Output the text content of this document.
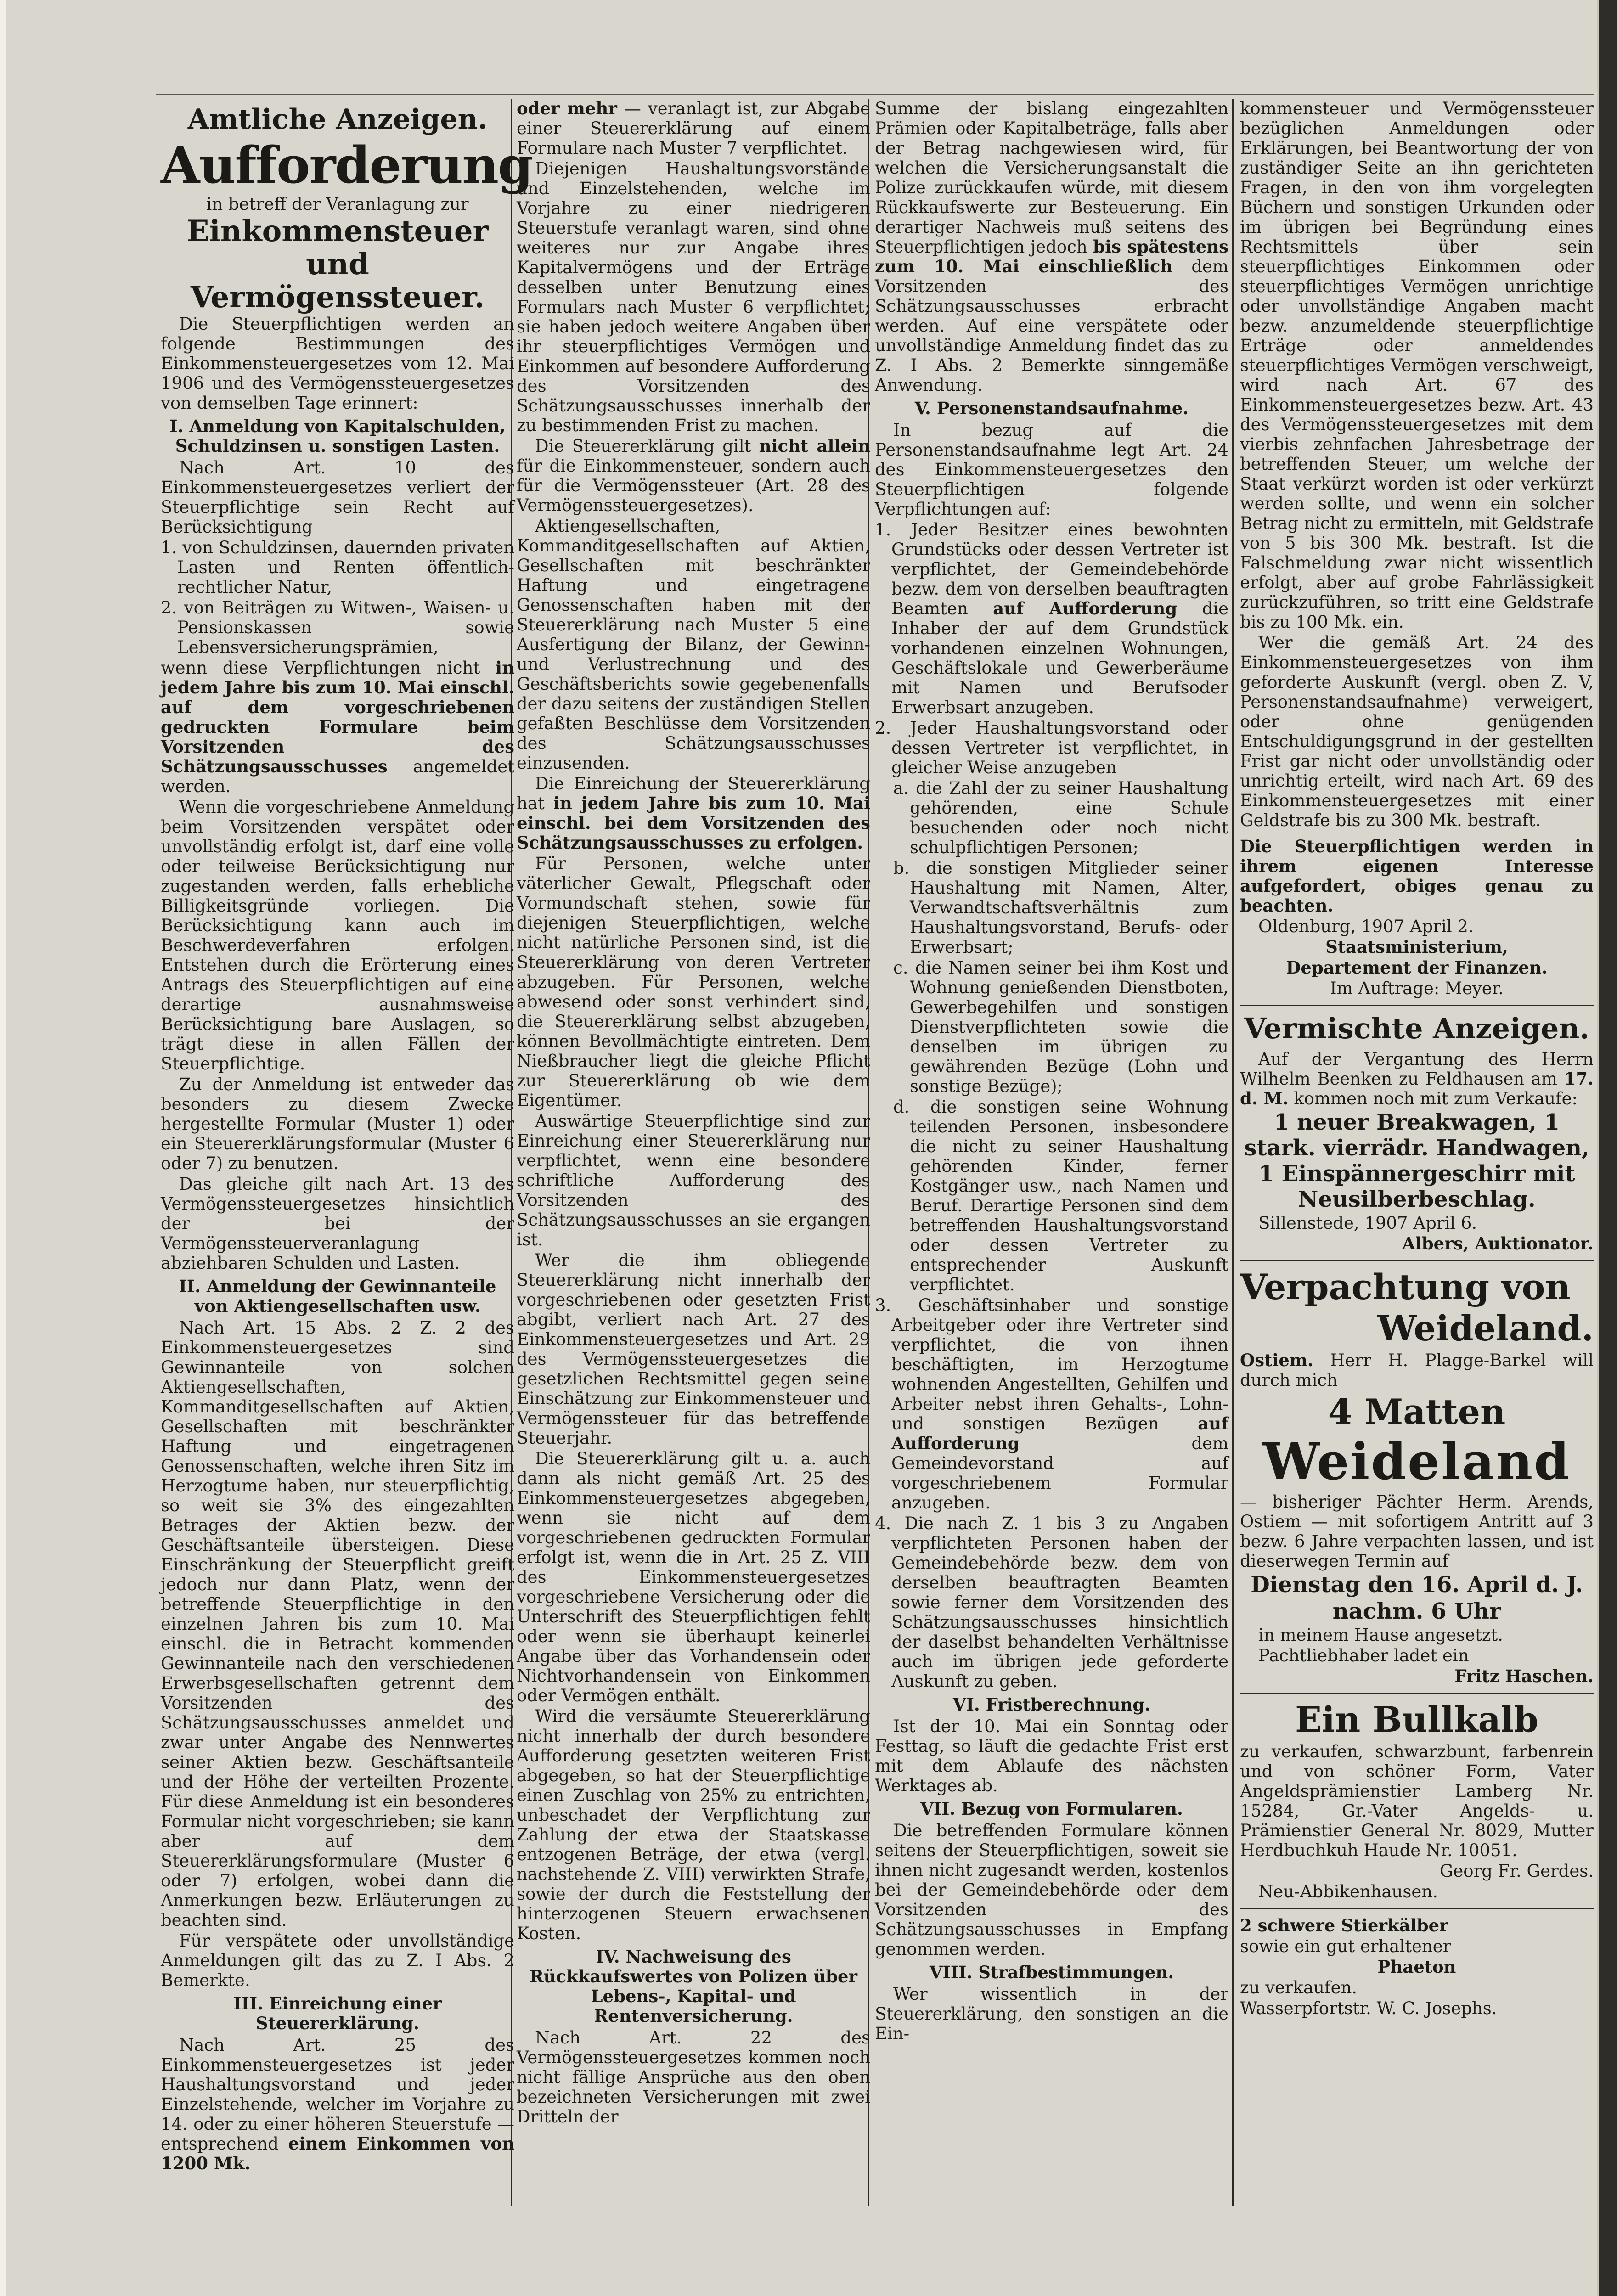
Amtliche Anzeigen.
Aufforderung

in betreff der Veranlagung zur

Einkommensteuer und
Vermögenssteuer.

Die Steuerpflichtigen werden an folgende Bestimmungen des Einkommensteuergesetzes vom 12. Mai 1906 und des Vermögenssteuergesetzes von demselben Tage erinnert:

I. Anmeldung von Kapitalschulden, Schuldzinsen u. sonstigen Lasten.

Nach Art. 10 des Einkommensteuergesetzes verliert der Steuerpflichtige sein Recht auf Berücksichtigung

1. von Schuldzinsen, dauernden privaten Lasten und Renten öffentlich-rechtlicher Natur,

2. von Beiträgen zu Witwen-, Waisen- u. Pensionskassen sowie Lebensversicherungsprämien,

wenn diese Verpflichtungen nicht in jedem Jahre bis zum 10. Mai einschl. auf dem vorgeschriebenen gedruckten Formulare beim Vorsitzenden des Schätzungsausschusses angemeldet werden.

Wenn die vorgeschriebene Anmeldung beim Vorsitzenden verspätet oder unvollständig erfolgt ist, darf eine volle oder teilweise Berücksichtigung nur zugestanden werden, falls erhebliche Billigkeitsgründe vorliegen. Die Berücksichtigung kann auch im Beschwerdeverfahren erfolgen. Entstehen durch die Erörterung eines Antrags des Steuerpflichtigen auf eine derartige ausnahmsweise Berücksichtigung bare Auslagen, so trägt diese in allen Fällen der Steuerpflichtige.

Zu der Anmeldung ist entweder das besonders zu diesem Zwecke hergestellte Formular (Muster 1) oder ein Steuererklärungsformular (Muster 6 oder 7) zu benutzen.

Das gleiche gilt nach Art. 13 des Vermögenssteuergesetzes hinsichtlich der bei der Vermögenssteuerveranlagung abziehbaren Schulden und Lasten.

II. Anmeldung der Gewinnanteile von Aktiengesellschaften usw.

Nach Art. 15 Abs. 2 Z. 2 des Einkommensteuergesetzes sind Gewinnanteile von solchen Aktiengesellschaften, Kommanditgesellschaften auf Aktien, Gesellschaften mit beschränkter Haftung und eingetragenen Genossenschaften, welche ihren Sitz im Herzogtume haben, nur steuerpflichtig, so weit sie 3% des eingezahlten Betrages der Aktien bezw. der Geschäftsanteile übersteigen. Diese Einschränkung der Steuerpflicht greift jedoch nur dann Platz, wenn der betreffende Steuerpflichtige in den einzelnen Jahren bis zum 10. Mai einschl. die in Betracht kommenden Gewinnanteile nach den verschiedenen Erwerbsgesellschaften getrennt dem Vorsitzenden des Schätzungsausschusses anmeldet und zwar unter Angabe des Nennwertes seiner Aktien bezw. Geschäftsanteile und der Höhe der verteilten Prozente. Für diese Anmeldung ist ein besonderes Formular nicht vorgeschrieben; sie kann aber auf dem Steuererklärungsformulare (Muster 6 oder 7) erfolgen, wobei dann die Anmerkungen bezw. Erläuterungen zu beachten sind.

Für verspätete oder unvollständige Anmeldungen gilt das zu Z. I Abs. 2 Bemerkte.

III. Einreichung einer Steuererklärung.

Nach Art. 25 des Einkommensteuergesetzes ist jeder Haushaltungsvorstand und jeder Einzelstehende, welcher im Vorjahre zu 14. oder zu einer höheren Steuerstufe — entsprechend einem Einkommen von 1200 Mk.

oder mehr — veranlagt ist, zur Abgabe einer Steuererklärung auf einem Formulare nach Muster 7 verpflichtet.

Diejenigen Haushaltungsvorstände und Einzelstehenden, welche im Vorjahre zu einer niedrigeren Steuerstufe veranlagt waren, sind ohne weiteres nur zur Angabe ihres Kapitalvermögens und der Erträge desselben unter Benutzung eines Formulars nach Muster 6 verpflichtet; sie haben jedoch weitere Angaben über ihr steuerpflichtiges Vermögen und Einkommen auf besondere Aufforderung des Vorsitzenden des Schätzungsausschusses innerhalb der zu bestimmenden Frist zu machen.

Die Steuererklärung gilt nicht allein für die Einkommensteuer, sondern auch für die Vermögenssteuer (Art. 28 des Vermögenssteuergesetzes).

Aktiengesellschaften, Kommanditgesellschaften auf Aktien, Gesellschaften mit beschränkter Haftung und eingetragene Genossenschaften haben mit der Steuererklärung nach Muster 5 eine Ausfertigung der Bilanz, der Gewinn- und Verlustrechnung und des Geschäftsberichts sowie gegebenenfalls der dazu seitens der zuständigen Stellen gefaßten Beschlüsse dem Vorsitzenden des Schätzungsausschusses einzusenden.

Die Einreichung der Steuererklärung hat in jedem Jahre bis zum 10. Mai einschl. bei dem Vorsitzenden des Schätzungsausschusses zu erfolgen.

Für Personen, welche unter väterlicher Gewalt, Pflegschaft oder Vormundschaft stehen, sowie für diejenigen Steuerpflichtigen, welche nicht natürliche Personen sind, ist die Steuererklärung von deren Vertreter abzugeben. Für Personen, welche abwesend oder sonst verhindert sind, die Steuererklärung selbst abzugeben, können Bevollmächtigte eintreten. Dem Nießbraucher liegt die gleiche Pflicht zur Steuererklärung ob wie dem Eigentümer.

Auswärtige Steuerpflichtige sind zur Einreichung einer Steuererklärung nur verpflichtet, wenn eine besondere schriftliche Aufforderung des Vorsitzenden des Schätzungsausschusses an sie ergangen ist.

Wer die ihm obliegende Steuererklärung nicht innerhalb der vorgeschriebenen oder gesetzten Frist abgibt, verliert nach Art. 27 des Einkommensteuergesetzes und Art. 29 des Vermögenssteuergesetzes die gesetzlichen Rechtsmittel gegen seine Einschätzung zur Einkommensteuer und Vermögenssteuer für das betreffende Steuerjahr.

Die Steuererklärung gilt u. a. auch dann als nicht gemäß Art. 25 des Einkommensteuergesetzes abgegeben, wenn sie nicht auf dem vorgeschriebenen gedruckten Formular erfolgt ist, wenn die in Art. 25 Z. VIII des Einkommensteuergesetzes vorgeschriebene Versicherung oder die Unterschrift des Steuerpflichtigen fehlt oder wenn sie überhaupt keinerlei Angabe über das Vorhandensein oder Nichtvorhandensein von Einkommen oder Vermögen enthält.

Wird die versäumte Steuererklärung nicht innerhalb der durch besondere Aufforderung gesetzten weiteren Frist abgegeben, so hat der Steuerpflichtige einen Zuschlag von 25% zu entrichten, unbeschadet der Verpflichtung zur Zahlung der etwa der Staatskasse entzogenen Beträge, der etwa (vergl. nachstehende Z. VIII) verwirkten Strafe, sowie der durch die Feststellung der hinterzogenen Steuern erwachsenen Kosten.

IV. Nachweisung des Rückkaufswertes von Polizen über Lebens-, Kapital- und Rentenversicherung.

Nach Art. 22 des Vermögenssteuergesetzes kommen noch nicht fällige Ansprüche aus den oben bezeichneten Versicherungen mit zwei Dritteln der

Summe der bislang eingezahlten Prämien oder Kapitalbeträge, falls aber der Betrag nachgewiesen wird, für welchen die Versicherungsanstalt die Polize zurückkaufen würde, mit diesem Rückkaufswerte zur Besteuerung. Ein derartiger Nachweis muß seitens des Steuerpflichtigen jedoch bis spätestens zum 10. Mai einschließlich dem Vorsitzenden des Schätzungsausschusses erbracht werden. Auf eine verspätete oder unvollständige Anmeldung findet das zu Z. I Abs. 2 Bemerkte sinngemäße Anwendung.

V. Personenstandsaufnahme.

In bezug auf die Personenstandsaufnahme legt Art. 24 des Einkommensteuergesetzes den Steuerpflichtigen folgende Verpflichtungen auf:

1. Jeder Besitzer eines bewohnten Grundstücks oder dessen Vertreter ist verpflichtet, der Gemeindebehörde bezw. dem von derselben beauftragten Beamten auf Aufforderung die Inhaber der auf dem Grundstück vorhandenen einzelnen Wohnungen, Geschäftslokale und Gewerberäume mit Namen und Berufsoder Erwerbsart anzugeben.

2. Jeder Haushaltungsvorstand oder dessen Vertreter ist verpflichtet, in gleicher Weise anzugeben

a. die Zahl der zu seiner Haushaltung gehörenden, eine Schule besuchenden oder noch nicht schulpflichtigen Personen;

b. die sonstigen Mitglieder seiner Haushaltung mit Namen, Alter, Verwandtschaftsverhältnis zum Haushaltungsvorstand, Berufs- oder Erwerbsart;

c. die Namen seiner bei ihm Kost und Wohnung genießenden Dienstboten, Gewerbegehilfen und sonstigen Dienstverpflichteten sowie die denselben im übrigen zu gewährenden Bezüge (Lohn und sonstige Bezüge);

d. die sonstigen seine Wohnung teilenden Personen, insbesondere die nicht zu seiner Haushaltung gehörenden Kinder, ferner Kostgänger usw., nach Namen und Beruf. Derartige Personen sind dem betreffenden Haushaltungsvorstand oder dessen Vertreter zu entsprechender Auskunft verpflichtet.

3. Geschäftsinhaber und sonstige Arbeitgeber oder ihre Vertreter sind verpflichtet, die von ihnen beschäftigten, im Herzogtume wohnenden Angestellten, Gehilfen und Arbeiter nebst ihren Gehalts-, Lohn- und sonstigen Bezügen auf Aufforderung	dem Gemeindevorstand auf vorgeschriebenem Formular anzugeben.

4. Die nach Z. 1 bis 3 zu Angaben verpflichteten Personen haben der Gemeindebehörde bezw. dem von derselben beauftragten Beamten sowie ferner dem Vorsitzenden des Schätzungsausschusses hinsichtlich der daselbst behandelten Verhältnisse auch im übrigen jede geforderte Auskunft zu geben.

VI. Fristberechnung.

Ist der 10. Mai ein Sonntag oder Festtag, so läuft die gedachte Frist erst mit dem Ablaufe des nächsten Werktages ab.

VII. Bezug von Formularen.

Die betreffenden Formulare können seitens der Steuerpflichtigen, soweit sie ihnen nicht zugesandt werden, kostenlos bei der Gemeindebehörde oder dem Vorsitzenden des Schätzungsausschusses in Empfang genommen werden.

VIII. Strafbestimmungen.

Wer wissentlich in der Steuererklärung, den sonstigen an die Ein-

kommensteuer und Vermögenssteuer bezüglichen Anmeldungen oder Erklärungen, bei Beantwortung der von zuständiger Seite an ihn gerichteten Fragen, in den von ihm vorgelegten Büchern und sonstigen Urkunden oder im übrigen bei Begründung eines Rechtsmittels über sein steuerpflichtiges Einkommen oder steuerpflichtiges Vermögen unrichtige oder unvollständige Angaben macht bezw. anzumeldende steuerpflichtige Erträge oder anmeldendes steuerpflichtiges Vermögen verschweigt, wird nach Art. 67 des Einkommensteuergesetzes bezw. Art. 43 des Vermögenssteuergesetzes mit dem vierbis zehnfachen Jahresbetrage der betreffenden Steuer, um welche der Staat verkürzt worden ist oder verkürzt werden sollte, und wenn ein solcher Betrag nicht zu ermitteln, mit Geldstrafe von 5 bis 300 Mk. bestraft. Ist die Falschmeldung zwar nicht wissentlich erfolgt, aber auf grobe Fahrlässigkeit zurückzuführen, so tritt eine Geldstrafe bis zu 100 Mk. ein.

Wer die gemäß Art. 24 des Einkommensteuergesetzes von ihm geforderte Auskunft (vergl. oben Z. V, Personenstandsaufnahme) verweigert, oder ohne genügenden Entschuldigungsgrund in der gestellten Frist gar nicht oder unvollständig oder unrichtig erteilt, wird nach Art. 69 des Einkommensteuergesetzes mit einer Geldstrafe bis zu 300 Mk. bestraft.

Die Steuerpflichtigen werden in ihrem eigenen Interesse aufgefordert, obiges genau zu beachten.

Oldenburg, 1907 April 2.

Staatsministerium,

Departement der Finanzen.

Im Auftrage: Meyer.

Vermischte Anzeigen.

Auf der Vergantung des Herrn Wilhelm Beenken zu Feldhausen am 17. d. M. kommen noch mit zum Verkaufe:

1 neuer Breakwagen, 1 stark. vierrädr. Handwagen, 1 Einspännergeschirr mit Neusilberbeschlag.

Sillenstede, 1907 April 6.

Albers, Auktionator.

Verpachtung von
Weideland.

Ostiem. Herr H. Plagge-Barkel will durch mich

4 Matten
Weideland

— bisheriger Pächter Herm. Arends, Ostiem — mit sofortigem Antritt auf 3 bezw. 6 Jahre verpachten lassen, und ist dieserwegen Termin auf

Dienstag den 16. April d. J.

nachm. 6 Uhr

in meinem Hause angesetzt.

Pachtliebhaber ladet ein

Fritz Haschen.

Ein Bullkalb

zu verkaufen, schwarzbunt, farbenrein und von schöner Form, Vater Angeldsprämienstier Lamberg Nr. 15284, Gr.-Vater Angelds- u. Prämienstier General Nr. 8029, Mutter Herdbuchkuh Haude Nr. 10051.

Georg Fr. Gerdes.

Neu-Abbikenhausen.

2 schwere Stierkälber

sowie ein gut erhaltener

Phaeton

zu verkaufen.

Wasserpfortstr. W. C. Josephs.
